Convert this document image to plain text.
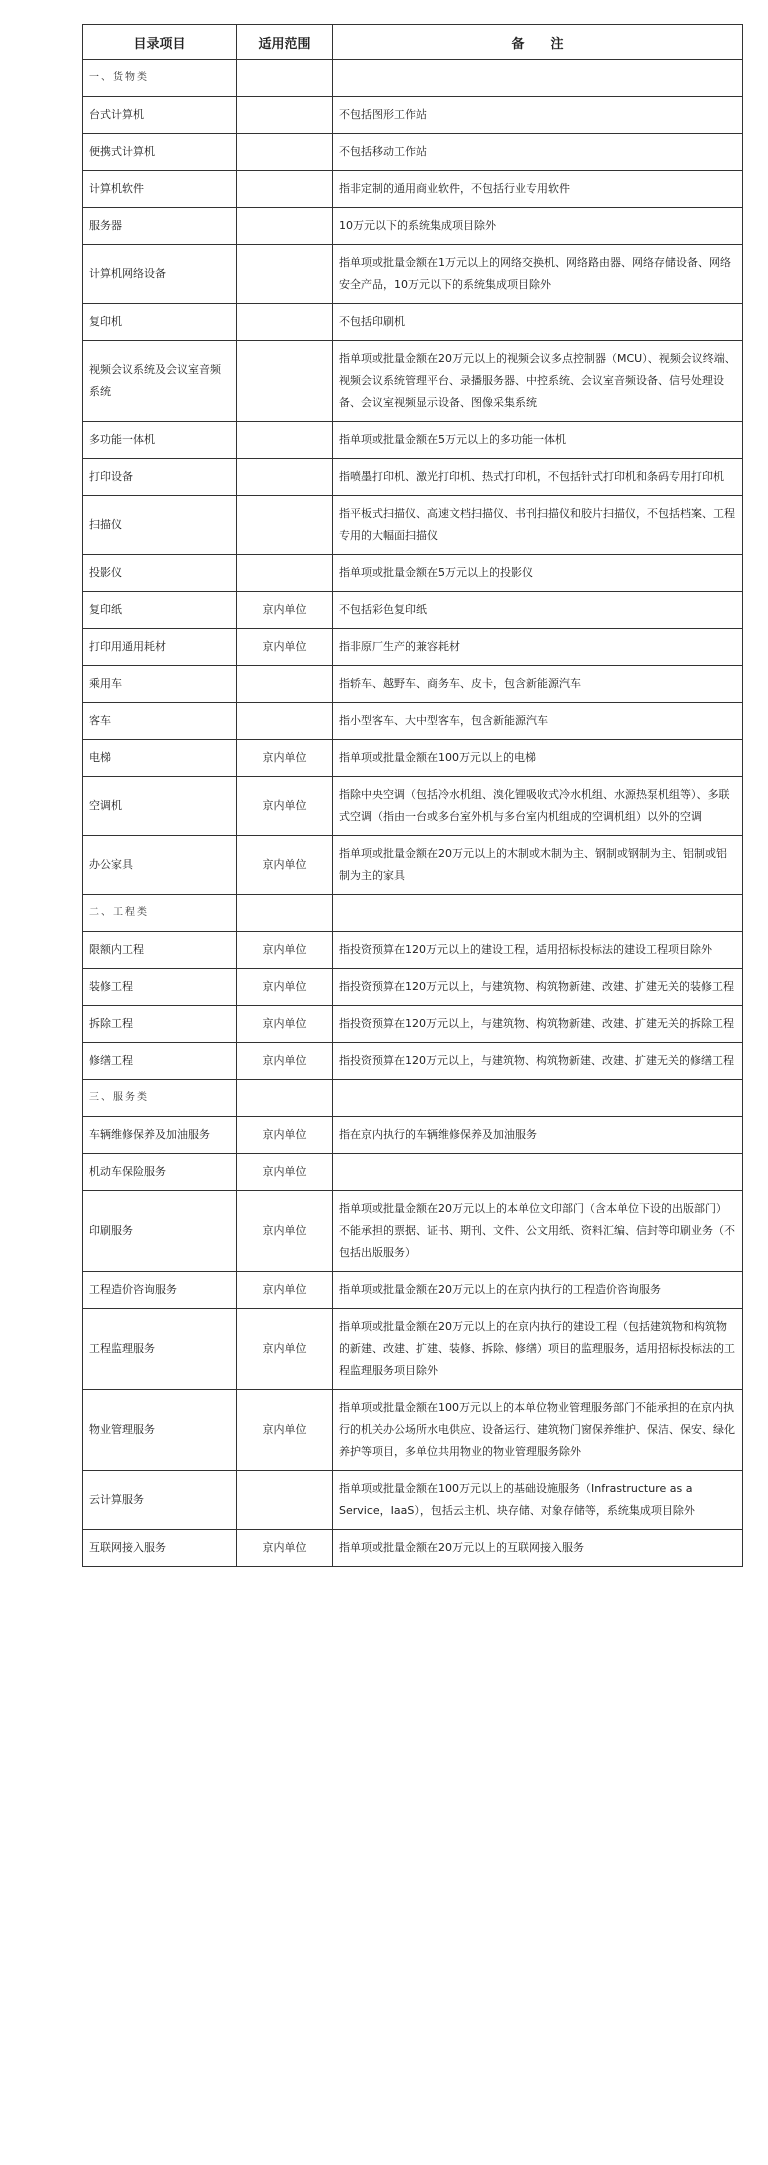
目录项目	适用范围	备　　注
一、货物类		
台式计算机		不包括图形工作站
便携式计算机		不包括移动工作站
计算机软件		指非定制的通用商业软件，不包括行业专用软件
服务器		10万元以下的系统集成项目除外
计算机网络设备		指单项或批量金额在1万元以上的网络交换机、网络路由器、网络存储设备、网络安全产品，10万元以下的系统集成项目除外
复印机		不包括印刷机
视频会议系统及会议室音频系统		指单项或批量金额在20万元以上的视频会议多点控制器（MCU）、视频会议终端、视频会议系统管理平台、录播服务器、中控系统、会议室音频设备、信号处理设备、会议室视频显示设备、图像采集系统
多功能一体机		指单项或批量金额在5万元以上的多功能一体机
打印设备		指喷墨打印机、激光打印机、热式打印机，不包括针式打印机和条码专用打印机
扫描仪		指平板式扫描仪、高速文档扫描仪、书刊扫描仪和胶片扫描仪，不包括档案、工程专用的大幅面扫描仪
投影仪		指单项或批量金额在5万元以上的投影仪
复印纸	京内单位	不包括彩色复印纸
打印用通用耗材	京内单位	指非原厂生产的兼容耗材
乘用车		指轿车、越野车、商务车、皮卡，包含新能源汽车
客车		指小型客车、大中型客车，包含新能源汽车
电梯	京内单位	指单项或批量金额在100万元以上的电梯
空调机	京内单位	指除中央空调（包括冷水机组、溴化锂吸收式冷水机组、水源热泵机组等）、多联式空调（指由一台或多台室外机与多台室内机组成的空调机组）以外的空调
办公家具	京内单位	指单项或批量金额在20万元以上的木制或木制为主、钢制或钢制为主、铝制或铝制为主的家具
二、工程类		
限额内工程	京内单位	指投资预算在120万元以上的建设工程，适用招标投标法的建设工程项目除外
装修工程	京内单位	指投资预算在120万元以上，与建筑物、构筑物新建、改建、扩建无关的装修工程
拆除工程	京内单位	指投资预算在120万元以上，与建筑物、构筑物新建、改建、扩建无关的拆除工程
修缮工程	京内单位	指投资预算在120万元以上，与建筑物、构筑物新建、改建、扩建无关的修缮工程
三、服务类		
车辆维修保养及加油服务	京内单位	指在京内执行的车辆维修保养及加油服务
机动车保险服务	京内单位	
印刷服务	京内单位	指单项或批量金额在20万元以上的本单位文印部门（含本单位下设的出版部门）不能承担的票据、证书、期刊、文件、公文用纸、资料汇编、信封等印刷业务（不包括出版服务）
工程造价咨询服务	京内单位	指单项或批量金额在20万元以上的在京内执行的工程造价咨询服务
工程监理服务	京内单位	指单项或批量金额在20万元以上的在京内执行的建设工程（包括建筑物和构筑物的新建、改建、扩建、装修、拆除、修缮）项目的监理服务，适用招标投标法的工程监理服务项目除外
物业管理服务	京内单位	指单项或批量金额在100万元以上的本单位物业管理服务部门不能承担的在京内执行的机关办公场所水电供应、设备运行、建筑物门窗保养维护、保洁、保安、绿化养护等项目，多单位共用物业的物业管理服务除外
云计算服务		指单项或批量金额在100万元以上的基础设施服务（Infrastructure as a Service，IaaS），包括云主机、块存储、对象存储等，系统集成项目除外
互联网接入服务	京内单位	指单项或批量金额在20万元以上的互联网接入服务
